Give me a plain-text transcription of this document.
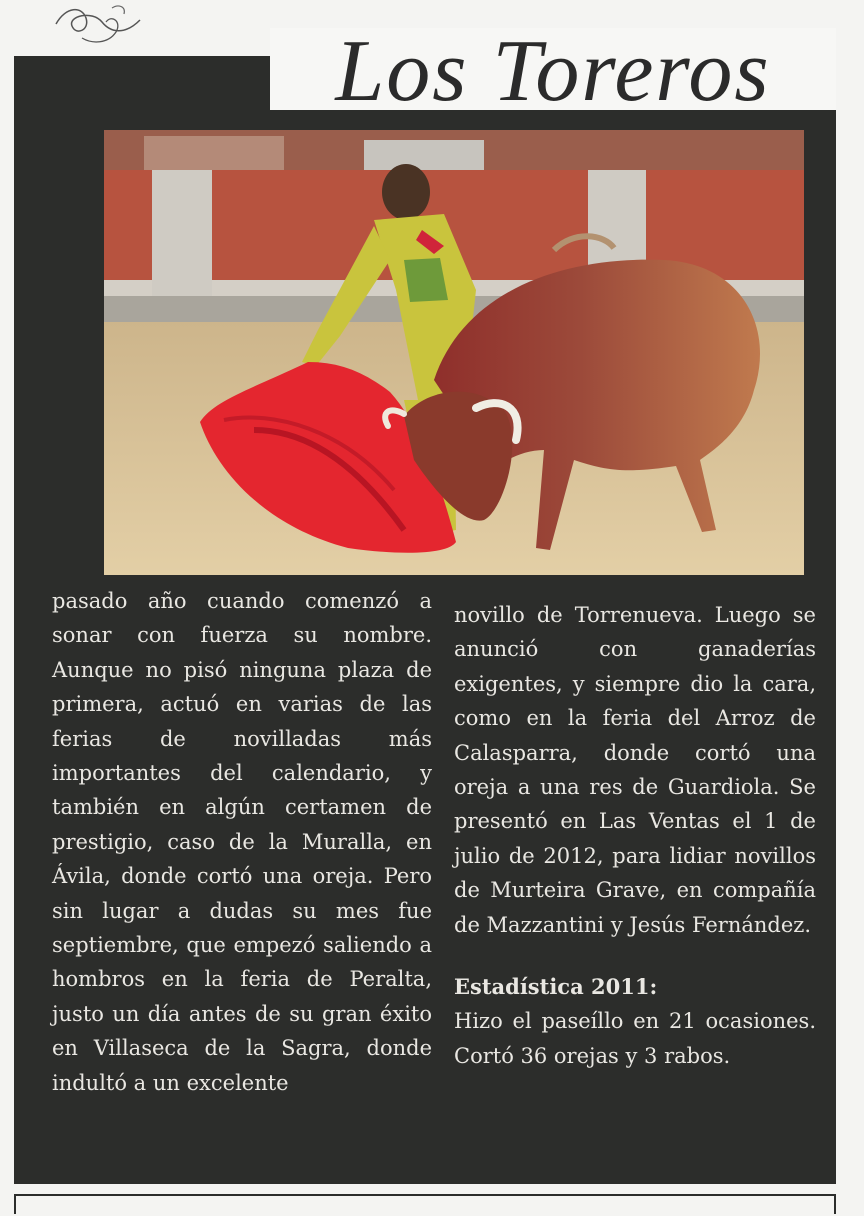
Los Toreros

pasado año cuando comenzó a sonar con fuerza su nombre. Aunque no pisó ninguna plaza de primera, actuó en varias de las ferias de novilladas más importantes del calendario, y también en algún certamen de prestigio, caso de la Muralla, en Ávila, donde cortó una oreja. Pero sin lugar a dudas su mes fue septiembre, que empezó saliendo a hombros en la feria de Peralta, justo un día antes de su gran éxito en Villaseca de la Sagra, donde indultó a un excelente

novillo de Torrenueva. Luego se anunció con ganaderías exigentes, y siempre dio la cara, como en la feria del Arroz de Calasparra, donde cortó una oreja a una res de Guardiola. Se presentó en Las Ventas el 1 de julio de 2012, para lidiar novillos de Murteira Grave, en compañía de Mazzantini y Jesús Fernández.

Estadística 2011:

Hizo el paseíllo en 21 ocasiones. Cortó 36 orejas y 3 rabos.
